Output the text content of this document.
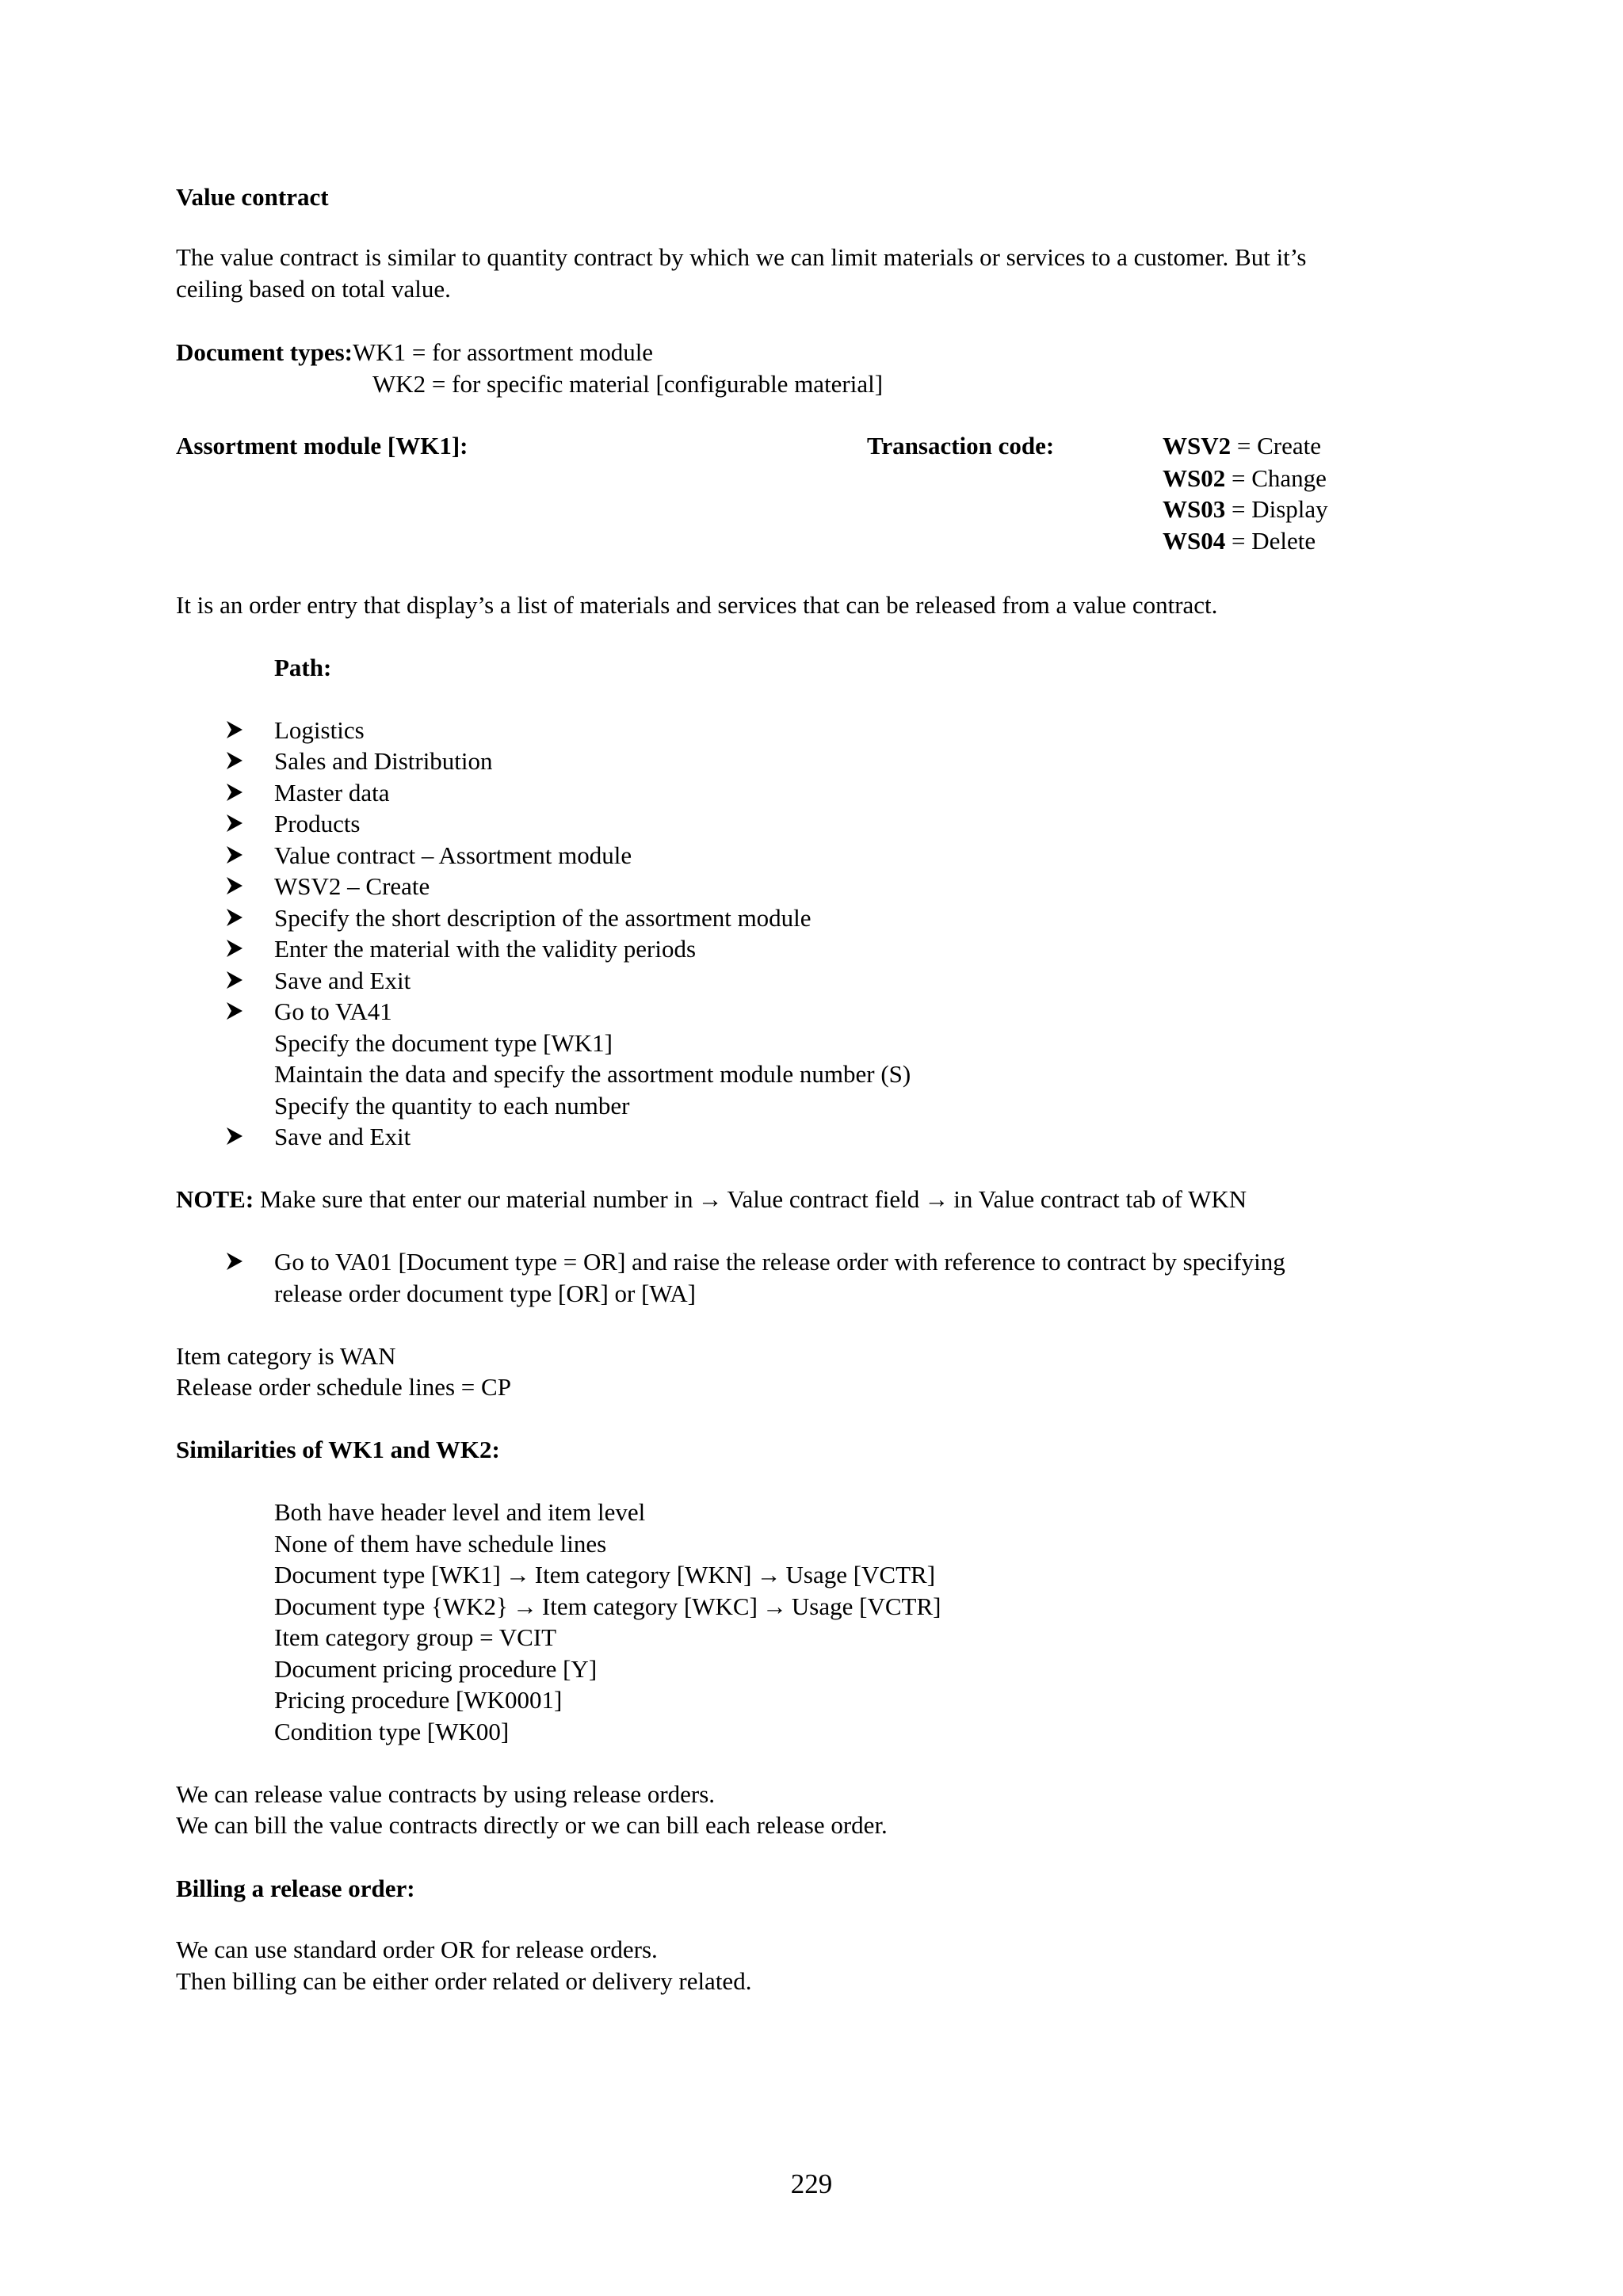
Value contract
The value contract is similar to quantity contract by which we can limit materials or services to a customer. But it’s
ceiling based on total value.
Document types:WK1 = for assortment module
WK2 = for specific material [configurable material]
Assortment module [WK1]:	Transaction code:	WSV2 = Create
WS02 = Change
WS03 = Display
WS04 = Delete
It is an order entry that display’s a list of materials and services that can be released from a value contract.
Path:
Logistics
Sales and Distribution
Master data
Products
Value contract – Assortment module
WSV2 – Create
Specify the short description of the assortment module
Enter the material with the validity periods
Save and Exit
Go to VA41
Specify the document type [WK1]
Maintain the data and specify the assortment module number (S)
Specify the quantity to each number
Save and Exit
NOTE: Make sure that enter our material number in → Value contract field → in Value contract tab of WKN
Go to VA01 [Document type = OR] and raise the release order with reference to contract by specifying
release order document type [OR] or [WA]
Item category is WAN
Release order schedule lines = CP
Similarities of WK1 and WK2:
Both have header level and item level
None of them have schedule lines
Document type [WK1] → Item category [WKN] → Usage [VCTR]
Document type {WK2} → Item category [WKC] → Usage [VCTR]
Item category group = VCIT
Document pricing procedure [Y]
Pricing procedure [WK0001]
Condition type [WK00]
We can release value contracts by using release orders.
We can bill the value contracts directly or we can bill each release order.
Billing a release order:
We can use standard order OR for release orders.
Then billing can be either order related or delivery related.
229
